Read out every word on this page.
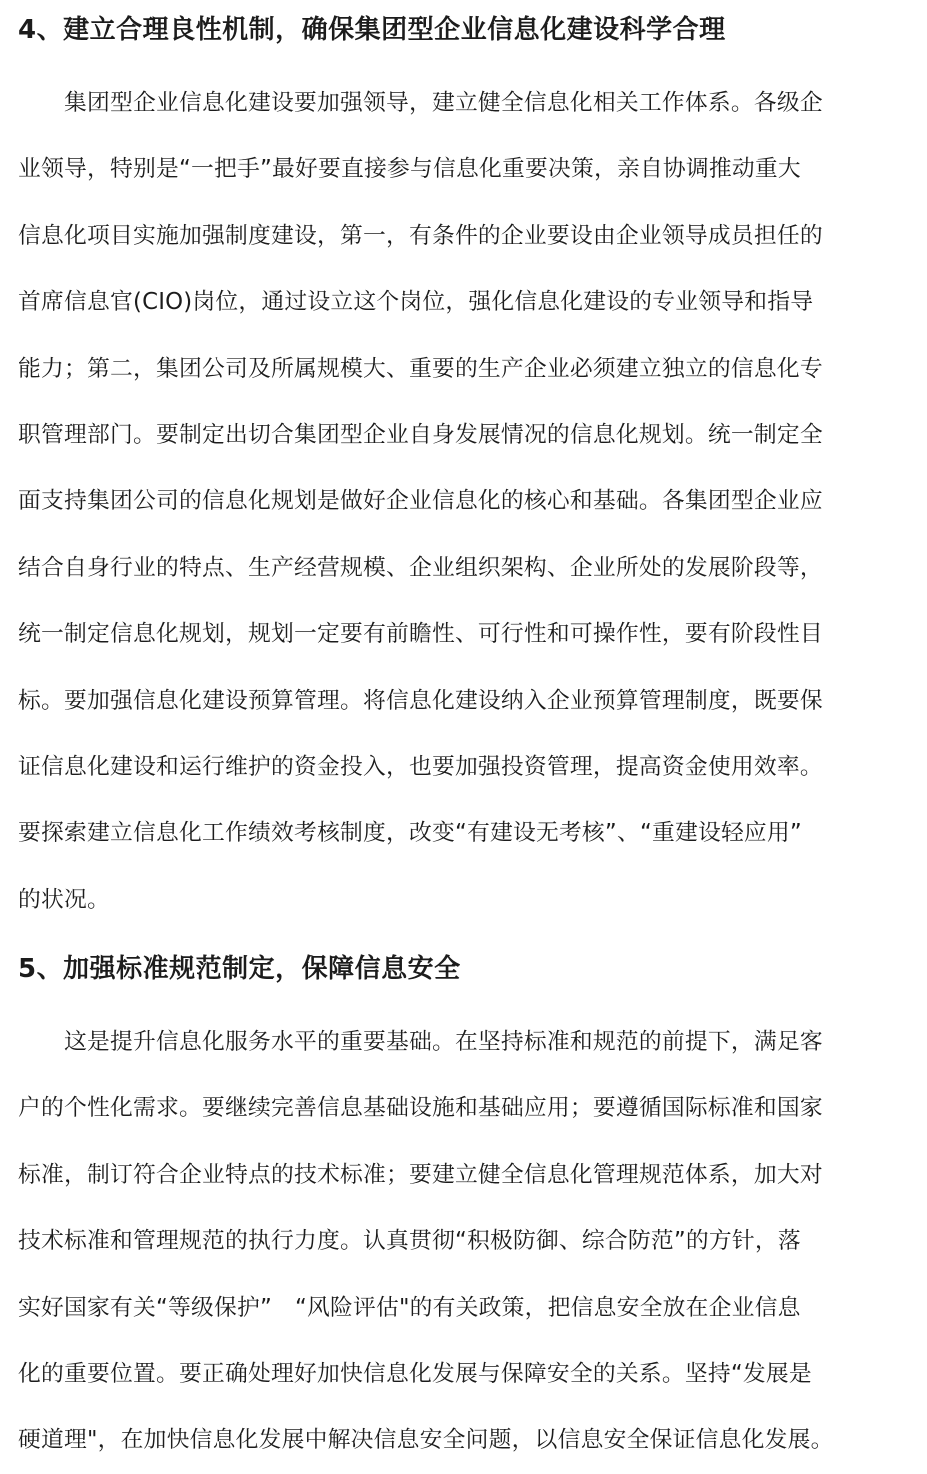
4、建立合理良性机制，确保集团型企业信息化建设科学合理
　　集团型企业信息化建设要加强领导，建立健全信息化相关工作体系。各级企
业领导，特别是“一把手”最好要直接参与信息化重要决策，亲自协调推动重大
信息化项目实施加强制度建设，第一，有条件的企业要设由企业领导成员担任的
首席信息官(CIO)岗位，通过设立这个岗位，强化信息化建设的专业领导和指导
能力；第二，集团公司及所属规模大、重要的生产企业必须建立独立的信息化专
职管理部门。要制定出切合集团型企业自身发展情况的信息化规划。统一制定全
面支持集团公司的信息化规划是做好企业信息化的核心和基础。各集团型企业应
结合自身行业的特点、生产经营规模、企业组织架构、企业所处的发展阶段等，
统一制定信息化规划，规划一定要有前瞻性、可行性和可操作性，要有阶段性目
标。要加强信息化建设预算管理。将信息化建设纳入企业预算管理制度，既要保
证信息化建设和运行维护的资金投入，也要加强投资管理，提高资金使用效率。
要探索建立信息化工作绩效考核制度，改变“有建设无考核”、“重建设轻应用”
的状况。
5、加强标准规范制定，保障信息安全
　　这是提升信息化服务水平的重要基础。在坚持标准和规范的前提下，满足客
户的个性化需求。要继续完善信息基础设施和基础应用；要遵循国际标准和国家
标准，制订符合企业特点的技术标准；要建立健全信息化管理规范体系，加大对
技术标准和管理规范的执行力度。认真贯彻“积极防御、综合防范”的方针，落
实好国家有关“等级保护”　“风险评估"的有关政策，把信息安全放在企业信息
化的重要位置。要正确处理好加快信息化发展与保障安全的关系。坚持“发展是
硬道理"，在加快信息化发展中解决信息安全问题，以信息安全保证信息化发展。
